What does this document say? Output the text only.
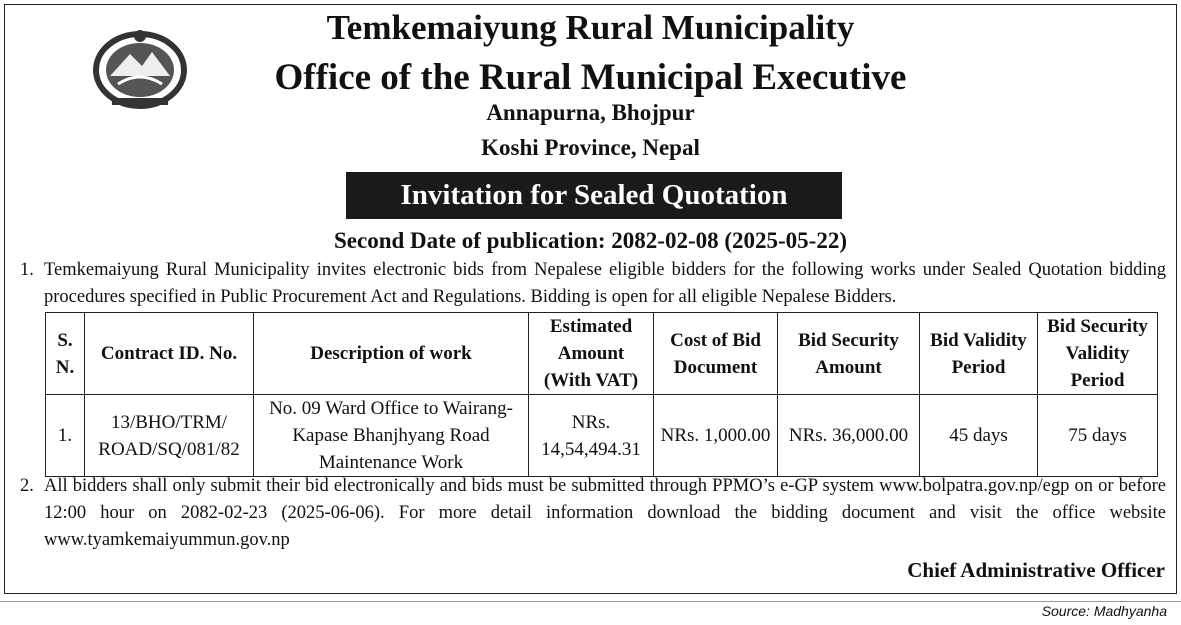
Temkemaiyung Rural Municipality
Office of the Rural Municipal Executive
Annapurna, Bhojpur
Koshi Province, Nepal
Invitation for Sealed Quotation
Second Date of publication: 2082-02-08 (2025-05-22)
1. Temkemaiyung Rural Municipality invites electronic bids from Nepalese eligible bidders for the following works under Sealed Quotation bidding procedures specified in Public Procurement Act and Regulations. Bidding is open for all eligible Nepalese Bidders.
S. N.	Contract ID. No.	Description of work	Estimated Amount (With VAT)	Cost of Bid Document	Bid Security Amount	Bid Validity Period	Bid Security Validity Period
1.	13/BHO/TRM/ ROAD/SQ/081/82	No. 09 Ward Office to Wairang-Kapase Bhanjhyang Road Maintenance Work	NRs. 14,54,494.31	NRs. 1,000.00	NRs. 36,000.00	45 days	75 days
2. All bidders shall only submit their bid electronically and bids must be submitted through PPMO’s e-GP system www.bolpatra.gov.np/egp on or before 12:00 hour on 2082-02-23 (2025-06-06). For more detail information download the bidding document and visit the office website www.tyamkemaiyummun.gov.np
Chief Administrative Officer
Source: Madhyanha
